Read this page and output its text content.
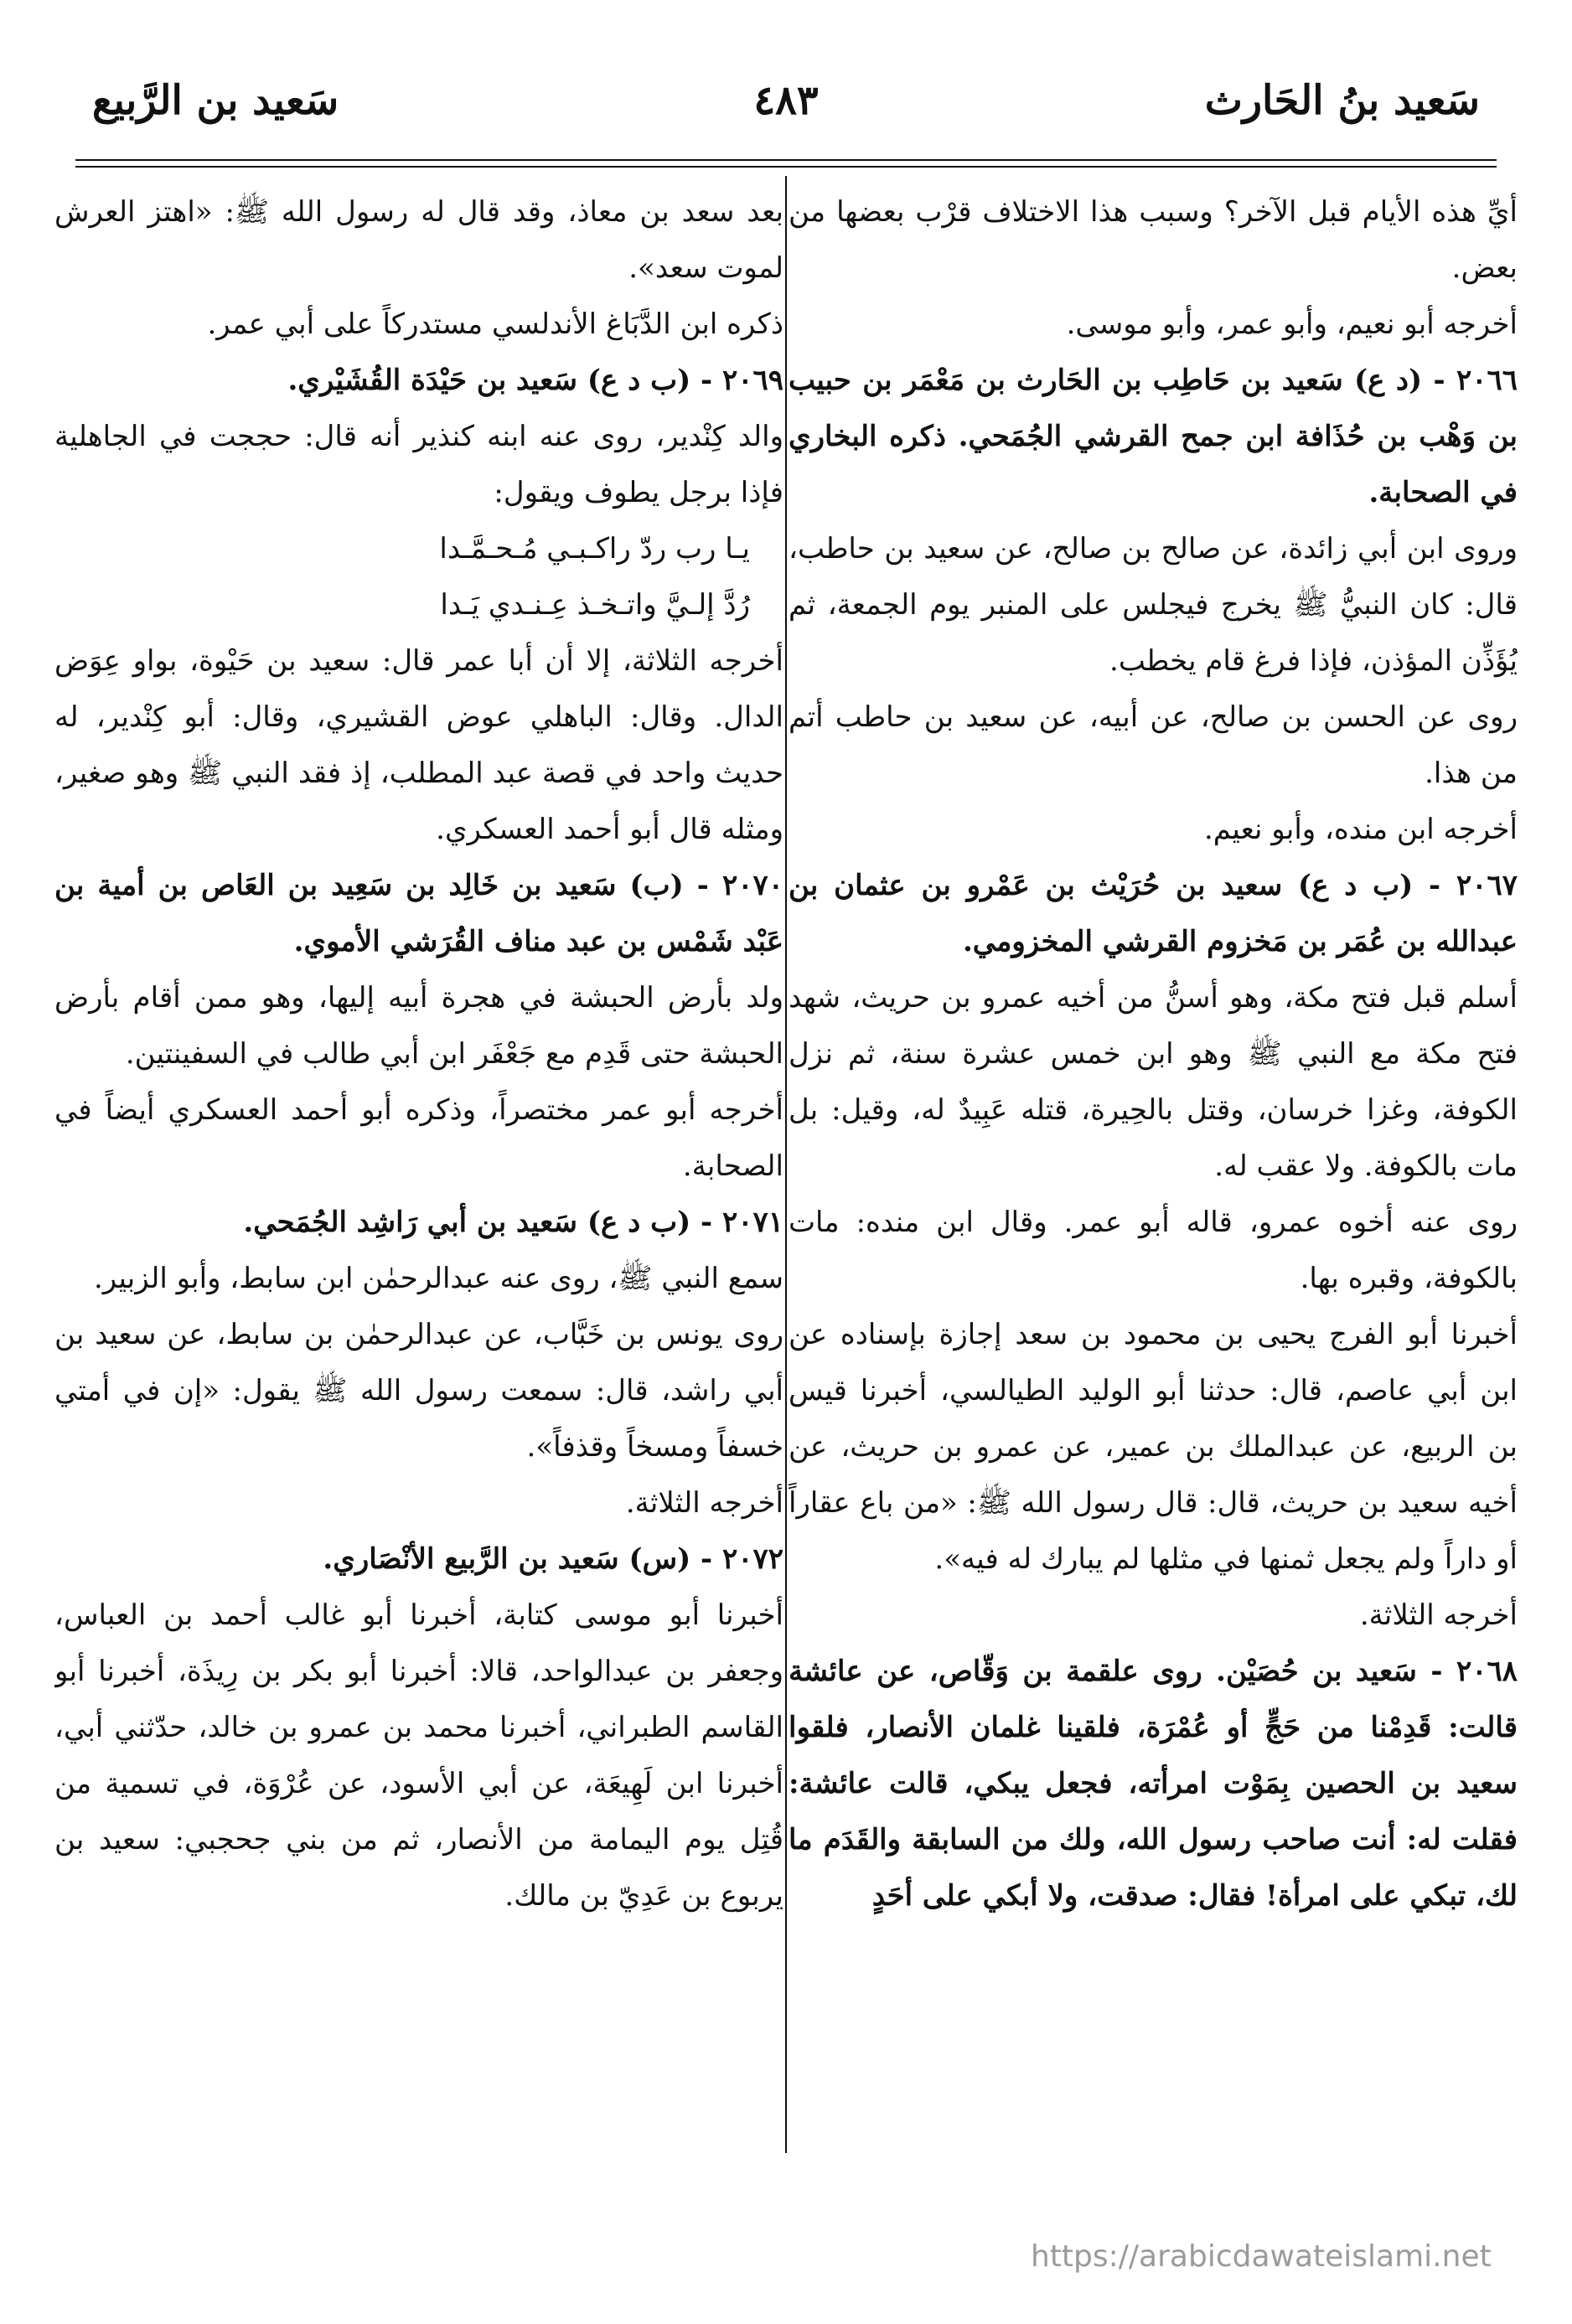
سَعيد بنُ الحَارث
٤٨٣
سَعيد بن الرَّبيع

أيِّ هذه الأيام قبل الآخر؟ وسبب هذا الاختلاف قرْب بعضها من بعض.

أخرجه أبو نعيم، وأبو عمر، وأبو موسى.

٢٠٦٦ - (د ع) سَعيد بن حَاطِب بن الحَارث بن مَعْمَر بن حبيب بن وَهْب بن حُذَافة ابن جمح القرشي الجُمَحي. ذكره البخاري في الصحابة.

وروى ابن أبي زائدة، عن صالح بن صالح، عن سعيد بن حاطب، قال: كان النبيُّ ﷺ يخرج فيجلس على المنبر يوم الجمعة، ثم يُؤَذِّن المؤذن، فإذا فرغ قام يخطب.

روى عن الحسن بن صالح، عن أبيه، عن سعيد بن حاطب أتم من هذا.

أخرجه ابن منده، وأبو نعيم.

٢٠٦٧ - (ب د ع) سعيد بن حُرَيْث بن عَمْرو بن عثمان بن عبدالله بن عُمَر بن مَخزوم القرشي المخزومي.

أسلم قبل فتح مكة، وهو أسنُّ من أخيه عمرو بن حريث، شهد فتح مكة مع النبي ﷺ وهو ابن خمس عشرة سنة، ثم نزل الكوفة، وغزا خرسان، وقتل بالحِيرة، قتله عَبِيدٌ له، وقيل: بل مات بالكوفة. ولا عقب له.

روى عنه أخوه عمرو، قاله أبو عمر. وقال ابن منده: مات بالكوفة، وقبره بها.

أخبرنا أبو الفرج يحيى بن محمود بن سعد إجازة بإسناده عن ابن أبي عاصم، قال: حدثنا أبو الوليد الطيالسي، أخبرنا قيس بن الربيع، عن عبدالملك بن عمير، عن عمرو بن حريث، عن أخيه سعيد بن حريث، قال: قال رسول الله ﷺ: «من باع عقاراً أو داراً ولم يجعل ثمنها في مثلها لم يبارك له فيه».

أخرجه الثلاثة.

٢٠٦٨ - سَعيد بن حُصَيْن. روى علقمة بن وَقّاص، عن عائشة قالت: قَدِمْنا من حَجٍّ أو عُمْرَة، فلقينا غلمان الأنصار، فلقوا سعيد بن الحصين بِمَوْت امرأته، فجعل يبكي، قالت عائشة: فقلت له: أنت صاحب رسول الله، ولك من السابقة والقَدَم ما لك، تبكي على امرأة! فقال: صدقت، ولا أبكي على أحَدٍ

بعد سعد بن معاذ، وقد قال له رسول الله ﷺ: «اهتز العرش لموت سعد».

ذكره ابن الدَّبَاغ الأندلسي مستدركاً على أبي عمر.

٢٠٦٩ - (ب د ع) سَعيد بن حَيْدَة القُشَيْري.

والد كِنْدير، روى عنه ابنه كنذير أنه قال: حججت في الجاهلية فإذا برجل يطوف ويقول:

يـا رب ردّ راكـبـي مُـحـمَّـدا

رُدَّ إلـيَّ واتـخـذ عِـنـدي يَـدا

أخرجه الثلاثة، إلا أن أبا عمر قال: سعيد بن حَيْوة، بواو عِوَض الدال. وقال: الباهلي عوض القشيري، وقال: أبو كِنْدير، له حديث واحد في قصة عبد المطلب، إذ فقد النبي ﷺ وهو صغير، ومثله قال أبو أحمد العسكري.

٢٠٧٠ - (ب) سَعيد بن خَالِد بن سَعِيد بن العَاص بن أمية بن عَبْد شَمْس بن عبد مناف القُرَشي الأموي.

ولد بأرض الحبشة في هجرة أبيه إليها، وهو ممن أقام بأرض الحبشة حتى قَدِم مع جَعْفَر ابن أبي طالب في السفينتين.

أخرجه أبو عمر مختصراً، وذكره أبو أحمد العسكري أيضاً في الصحابة.

٢٠٧١ - (ب د ع) سَعيد بن أبي رَاشِد الجُمَحي.

سمع النبي ﷺ، روى عنه عبدالرحمٰن ابن سابط، وأبو الزبير.

روى يونس بن خَبَّاب، عن عبدالرحمٰن بن سابط، عن سعيد بن أبي راشد، قال: سمعت رسول الله ﷺ يقول: «إن في أمتي خسفاً ومسخاً وقذفاً».

أخرجه الثلاثة.

٢٠٧٢ - (س) سَعيد بن الرَّبيع الأنْصَاري.

أخبرنا أبو موسى كتابة، أخبرنا أبو غالب أحمد بن العباس، وجعفر بن عبدالواحد، قالا: أخبرنا أبو بكر بن رِيذَة، أخبرنا أبو القاسم الطبراني، أخبرنا محمد بن عمرو بن خالد، حدّثني أبي، أخبرنا ابن لَهِيعَة، عن أبي الأسود، عن عُرْوَة، في تسمية من قُتِل يوم اليمامة من الأنصار، ثم من بني جحجبي: سعيد بن يربوع بن عَدِيّ بن مالك.

https://arabicdawateislami.net
